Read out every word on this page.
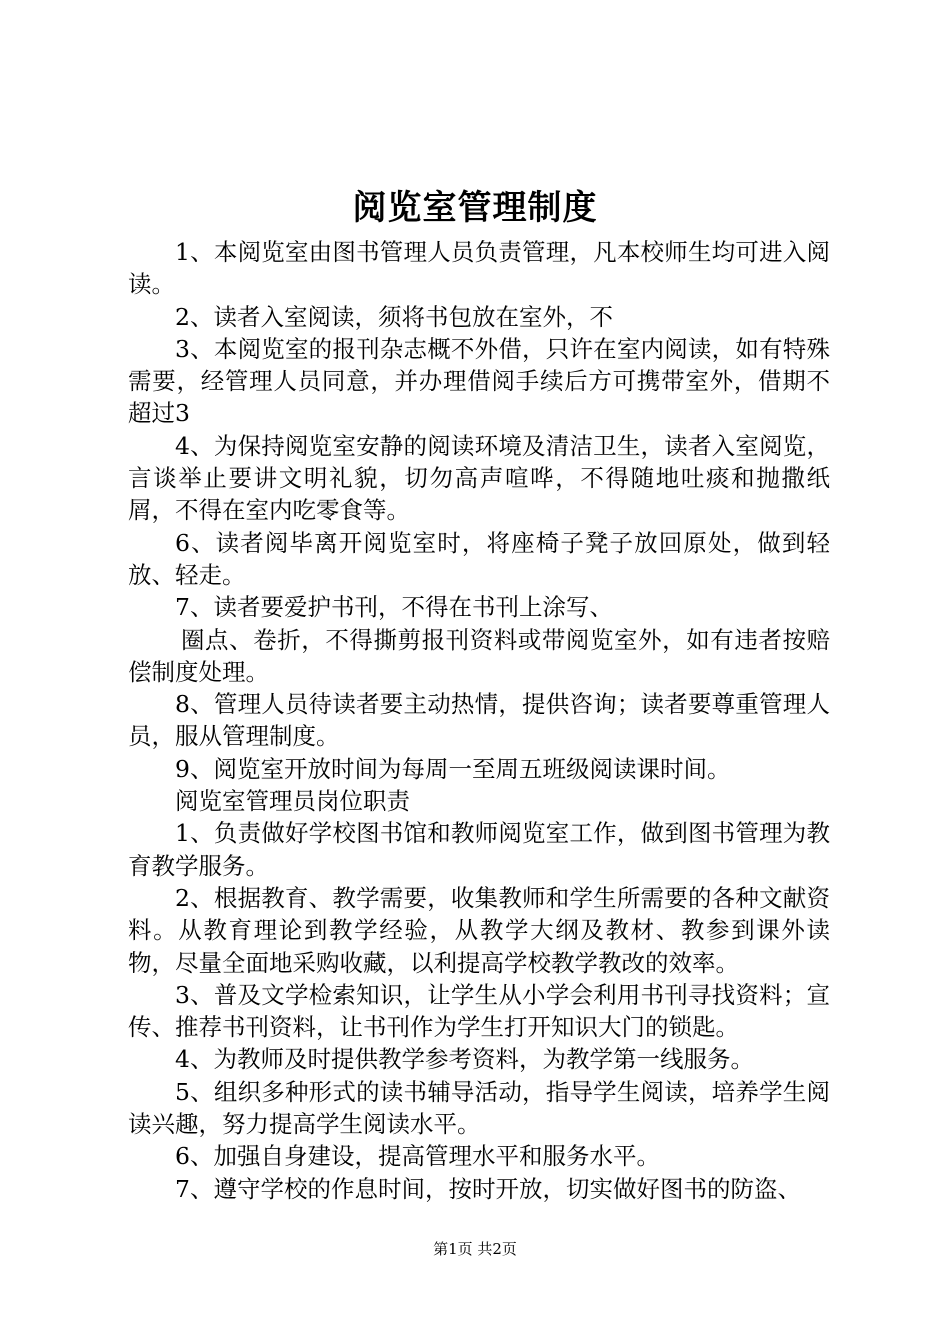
阅览室管理制度

1、本阅览室由图书管理人员负责管理，凡本校师生均可进入阅读。

2、读者入室阅读，须将书包放在室外，不

3、本阅览室的报刊杂志概不外借，只许在室内阅读，如有特殊需要，经管理人员同意，并办理借阅手续后方可携带室外，借期不超过3

4、为保持阅览室安静的阅读环境及清洁卫生，读者入室阅览，言谈举止要讲文明礼貌，切勿高声喧哗，不得随地吐痰和抛撒纸屑，不得在室内吃零食等。

6、读者阅毕离开阅览室时，将座椅子凳子放回原处，做到轻放、轻走。

7、读者要爱护书刊，不得在书刊上涂写、

圈点、卷折，不得撕剪报刊资料或带阅览室外，如有违者按赔偿制度处理。

8、管理人员待读者要主动热情，提供咨询；读者要尊重管理人员，服从管理制度。

9、阅览室开放时间为每周一至周五班级阅读课时间。

阅览室管理员岗位职责

1、负责做好学校图书馆和教师阅览室工作，做到图书管理为教育教学服务。

2、根据教育、教学需要，收集教师和学生所需要的各种文献资料。从教育理论到教学经验，从教学大纲及教材、教参到课外读物，尽量全面地采购收藏，以利提高学校教学教改的效率。

3、普及文学检索知识，让学生从小学会利用书刊寻找资料；宣传、推荐书刊资料，让书刊作为学生打开知识大门的锁匙。

4、为教师及时提供教学参考资料，为教学第一线服务。

5、组织多种形式的读书辅导活动，指导学生阅读，培养学生阅读兴趣，努力提高学生阅读水平。

6、加强自身建设，提高管理水平和服务水平。

7、遵守学校的作息时间，按时开放，切实做好图书的防盗、

第1页 共2页
